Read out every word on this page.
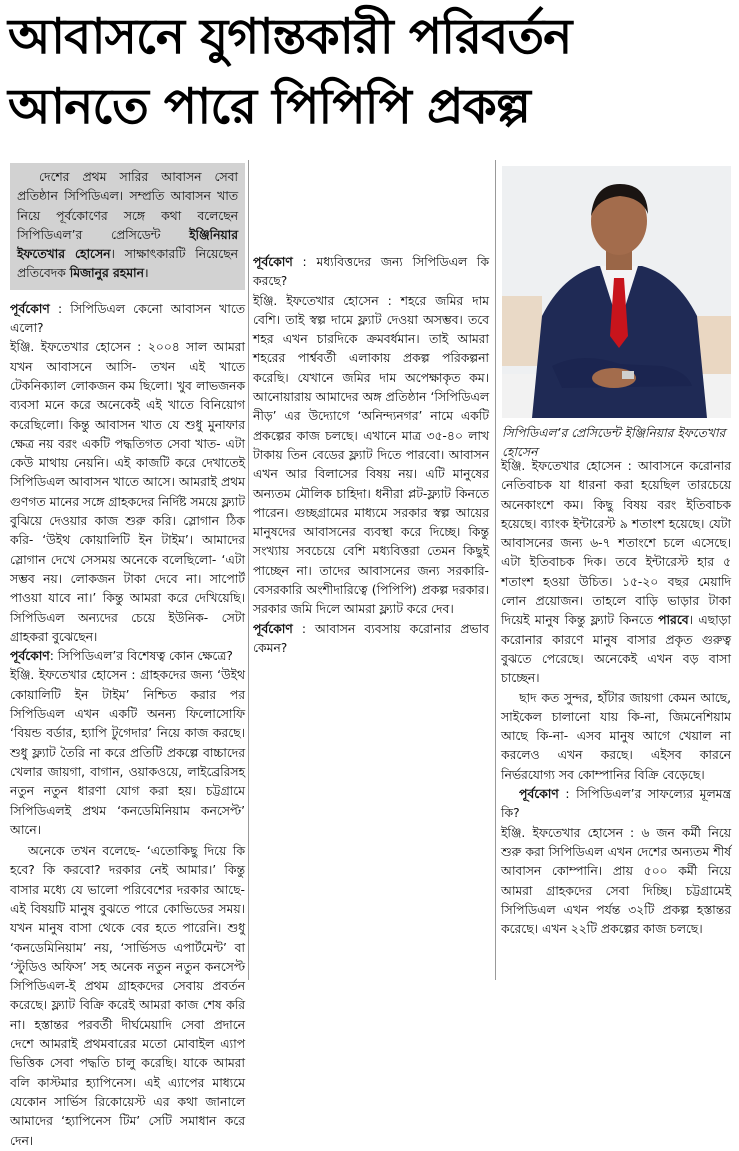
আবাসনে যুগান্তকারী পরিবর্তন
আনতে পারে পিপিপি প্রকল্প
দেশের প্রথম সারির আবাসন সেবা প্রতিষ্ঠান সিপিডিএল। সম্প্রতি আবাসন খাত নিয়ে পূর্বকোণের সঙ্গে কথা বলেছেন সিপিডিএল’র প্রেসিডেন্ট ইঞ্জিনিয়ার ইফতেখার হোসেন। সাক্ষাৎকারটি নিয়েছেন প্রতিবেদক মিজানুর রহমান।

পূর্বকোণ : সিপিডিএল কেনো আবাসন খাতে এলো?

ইঞ্জি. ইফতেখার হোসেন : ২০০৪ সাল আমরা যখন আবাসনে আসি- তখন এই খাতে টেকনিক্যাল লোকজন কম ছিলো। খুব লাভজনক ব্যবসা মনে করে অনেকেই এই খাতে বিনিয়োগ করেছিলো। কিন্তু আবাসন খাত যে শুধু মুনাফার ক্ষেত্র নয় বরং একটি পদ্ধতিগত সেবা খাত- এটা কেউ মাথায় নেয়নি। এই কাজটি করে দেখাতেই সিপিডিএল আবাসন খাতে আসে। আমরাই প্রথম গুণগত মানের সঙ্গে গ্রাহকদের নির্দিষ্ট সময়ে ফ্ল্যাট বুঝিয়ে দেওয়ার কাজ শুরু করি। স্লোগান ঠিক করি- ‘উইথ কোয়ালিটি ইন টাইম’। আমাদের স্লোগান দেখে সেসময় অনেকে বলেছিলো- ‘এটা সম্ভব নয়। লোকজন টাকা দেবে না। সাপোর্ট পাওয়া যাবে না।’ কিন্তু আমরা করে দেখিয়েছি। সিপিডিএল অন্যদের চেয়ে ইউনিক- সেটা গ্রাহকরা বুঝেছেন।

পূর্বকোণ: সিপিডিএল’র বিশেষত্ব কোন ক্ষেত্রে?

ইঞ্জি. ইফতেখার হোসেন : গ্রাহকদের জন্য ‘উইথ কোয়ালিটি ইন টাইম’ নিশ্চিত করার পর সিপিডিএল এখন একটি অনন্য ফিলোসোফি ‘বিয়ন্ড বর্ডার, হ্যাপি টুগেদার’ নিয়ে কাজ করছে। শুধু ফ্ল্যাট তৈরি না করে প্রতিটি প্রকল্পে বাচ্চাদের খেলার জায়গা, বাগান, ওয়াকওয়ে, লাইব্রেরিসহ নতুন নতুন ধারণা যোগ করা হয়। চট্টগ্রামে সিপিডিএলই প্রথম ‘কনডেমিনিয়াম কনসেপ্ট’ আনে।

অনেকে তখন বলেছে- ‘এতোকিছু দিয়ে কি হবে? কি করবো? দরকার নেই আমার।’ কিন্তু বাসার মধ্যে যে ভালো পরিবেশের দরকার আছে- এই বিষয়টি মানুষ বুঝতে পারে কোভিডের সময়। যখন মানুষ বাসা থেকে বের হতে পারেনি। শুধু ‘কনডেমিনিয়াম’ নয়, ‘সার্ভিসড এপার্টমেন্ট’ বা ‘স্টুডিও অফিস’ সহ অনেক নতুন নতুন কনসেপ্ট সিপিডিএল-ই প্রথম গ্রাহকদের সেবায় প্রবর্তন করেছে। ফ্ল্যাট বিক্রি করেই আমরা কাজ শেষ করি না। হস্তান্তর পরবর্তী দীর্ঘমেয়াদি সেবা প্রদানে দেশে আমরাই প্রথমবারের মতো মোবাইল এ্যাপ ভিত্তিক সেবা পদ্ধতি চালু করেছি। যাকে আমরা বলি কাস্টমার হ্যাপিনেস। এই এ্যাপের মাধ্যমে যেকোন সার্ভিস রিকোয়েস্ট এর কথা জানালে আমাদের ‘হ্যাপিনেস টিম’ সেটি সমাধান করে দেন।

পূর্বকোণ : মধ্যবিত্তদের জন্য সিপিডিএল কি করছে?

ইঞ্জি. ইফতেখার হোসেন : শহরে জমির দাম বেশি। তাই স্বল্প দামে ফ্ল্যাট দেওয়া অসম্ভব। তবে শহর এখন চারদিকে ক্রমবর্ধমান। তাই আমরা শহরের পার্শ্ববর্তী এলাকায় প্রকল্প পরিকল্পনা করেছি। যেখানে জমির দাম অপেক্ষাকৃত কম। আনোয়ারায় আমাদের অঙ্গ প্রতিষ্ঠান ‘সিপিডিএল নীড়’ এর উদ্যোগে ‘অনিন্দ্যনগর’ নামে একটি প্রকল্পের কাজ চলছে। এখানে মাত্র ৩৫-৪০ লাখ টাকায় তিন বেডের ফ্ল্যাট দিতে পারবো। আবাসন এখন আর বিলাসের বিষয় নয়। এটি মানুষের অন্যতম মৌলিক চাহিদা। ধনীরা প্লট-ফ্ল্যাট কিনতে পারেন। গুচ্ছগ্রামের মাধ্যমে সরকার স্বল্প আয়ের মানুষদের আবাসনের ব্যবস্থা করে দিচ্ছে। কিন্তু সংখ্যায় সবচেয়ে বেশি মধ্যবিত্তরা তেমন কিছুই পাচ্ছেন না। তাদের আবাসনের জন্য সরকারি-বেসরকারি অংশীদারিত্বে (পিপিপি) প্রকল্প দরকার। সরকার জমি দিলে আমরা ফ্ল্যাট করে দেব।

পূর্বকোণ : আবাসন ব্যবসায় করোনার প্রভাব কেমন?

সিপিডিএল’র প্রেসিডেন্ট ইঞ্জিনিয়ার ইফতেখার হোসেন

ইঞ্জি. ইফতেখার হোসেন : আবাসনে করোনার নেতিবাচক যা ধারনা করা হয়েছিল তারচেয়ে অনেকাংশে কম। কিছু বিষয় বরং ইতিবাচক হয়েছে। ব্যাংক ইন্টারেস্ট ৯ শতাংশ হয়েছে। যেটা আবাসনের জন্য ৬-৭ শতাংশে চলে এসেছে। এটা ইতিবাচক দিক। তবে ইন্টারেস্ট হার ৫ শতাংশ হওয়া উচিত। ১৫-২০ বছর মেয়াদি লোন প্রয়োজন। তাহলে বাড়ি ভাড়ার টাকা দিয়েই মানুষ কিন্তু ফ্ল্যাট কিনতে পারবে। এছাড়া করোনার কারণে মানুষ বাসার প্রকৃত গুরুত্ব বুঝতে পেরেছে। অনেকেই এখন বড় বাসা চাচ্ছেন।

ছাদ কত সুন্দর, হাঁটার জায়গা কেমন আছে, সাইকেল চালানো যায় কি-না, জিমনেশিয়াম আছে কি-না- এসব মানুষ আগে খেয়াল না করলেও এখন করছে। এইসব কারনে নির্ভরযোগ্য সব কোম্পানির বিক্রি বেড়েছে।

পূর্বকোণ : সিপিডিএল’র সাফল্যের মূলমন্ত্র কি?

ইঞ্জি. ইফতেখার হোসেন : ৬ জন কর্মী নিয়ে শুরু করা সিপিডিএল এখন দেশের অন্যতম শীর্ষ আবাসন কোম্পানি। প্রায় ৫০০ কর্মী নিয়ে আমরা গ্রাহকদের সেবা দিচ্ছি। চট্টগ্রামেই সিপিডিএল এখন পর্যন্ত ৩২টি প্রকল্প হস্তান্তর করেছে। এখন ২২টি প্রকল্পের কাজ চলছে।
